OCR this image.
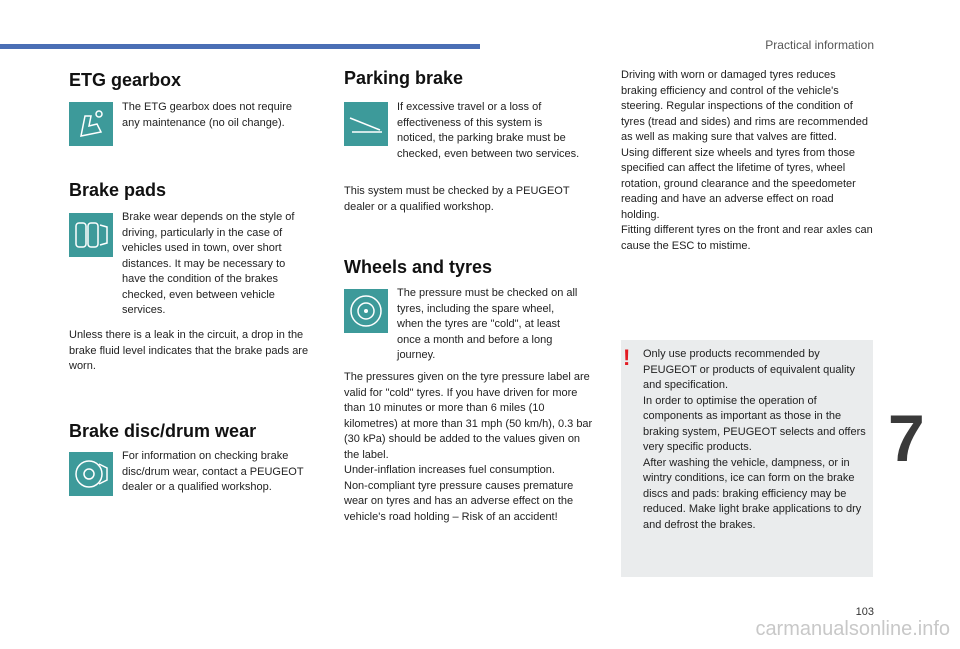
Practical information
ETG gearbox

The ETG gearbox does not require any maintenance (no oil change).

Brake pads

Brake wear depends on the style of driving, particularly in the case of vehicles used in town, over short distances. It may be necessary to have the condition of the brakes checked, even between vehicle services.

Unless there is a leak in the circuit, a drop in the brake fluid level indicates that the brake pads are worn.

Brake disc/drum wear

For information on checking brake disc/drum wear, contact a PEUGEOT dealer or a qualified workshop.

Parking brake

If excessive travel or a loss of effectiveness of this system is noticed, the parking brake must be checked, even between two services.

This system must be checked by a PEUGEOT dealer or a qualified workshop.

Wheels and tyres

The pressure must be checked on all tyres, including the spare wheel, when the tyres are "cold", at least once a month and before a long journey.

The pressures given on the tyre pressure label are valid for "cold" tyres. If you have driven for more than 10 minutes or more than 6 miles (10 kilometres) at more than 31 mph (50 km/h), 0.3 bar (30 kPa) should be added to the values given on the label.

Under-inflation increases fuel consumption.

Non-compliant tyre pressure causes premature wear on tyres and has an adverse effect on the vehicle's road holding – Risk of an accident!

Driving with worn or damaged tyres reduces braking efficiency and control of the vehicle's steering. Regular inspections of the condition of tyres (tread and sides) and rims are recommended as well as making sure that valves are fitted.

Using different size wheels and tyres from those specified can affect the lifetime of tyres, wheel rotation, ground clearance and the speedometer reading and have an adverse effect on road holding.

Fitting different tyres on the front and rear axles can cause the ESC to mistime.

! Only use products recommended by PEUGEOT or products of equivalent quality and specification.

In order to optimise the operation of components as important as those in the braking system, PEUGEOT selects and offers very specific products.

After washing the vehicle, dampness, or in wintry conditions, ice can form on the brake discs and pads: braking efficiency may be reduced. Make light brake applications to dry and defrost the brakes.

7
103
carmanualsonline.info
